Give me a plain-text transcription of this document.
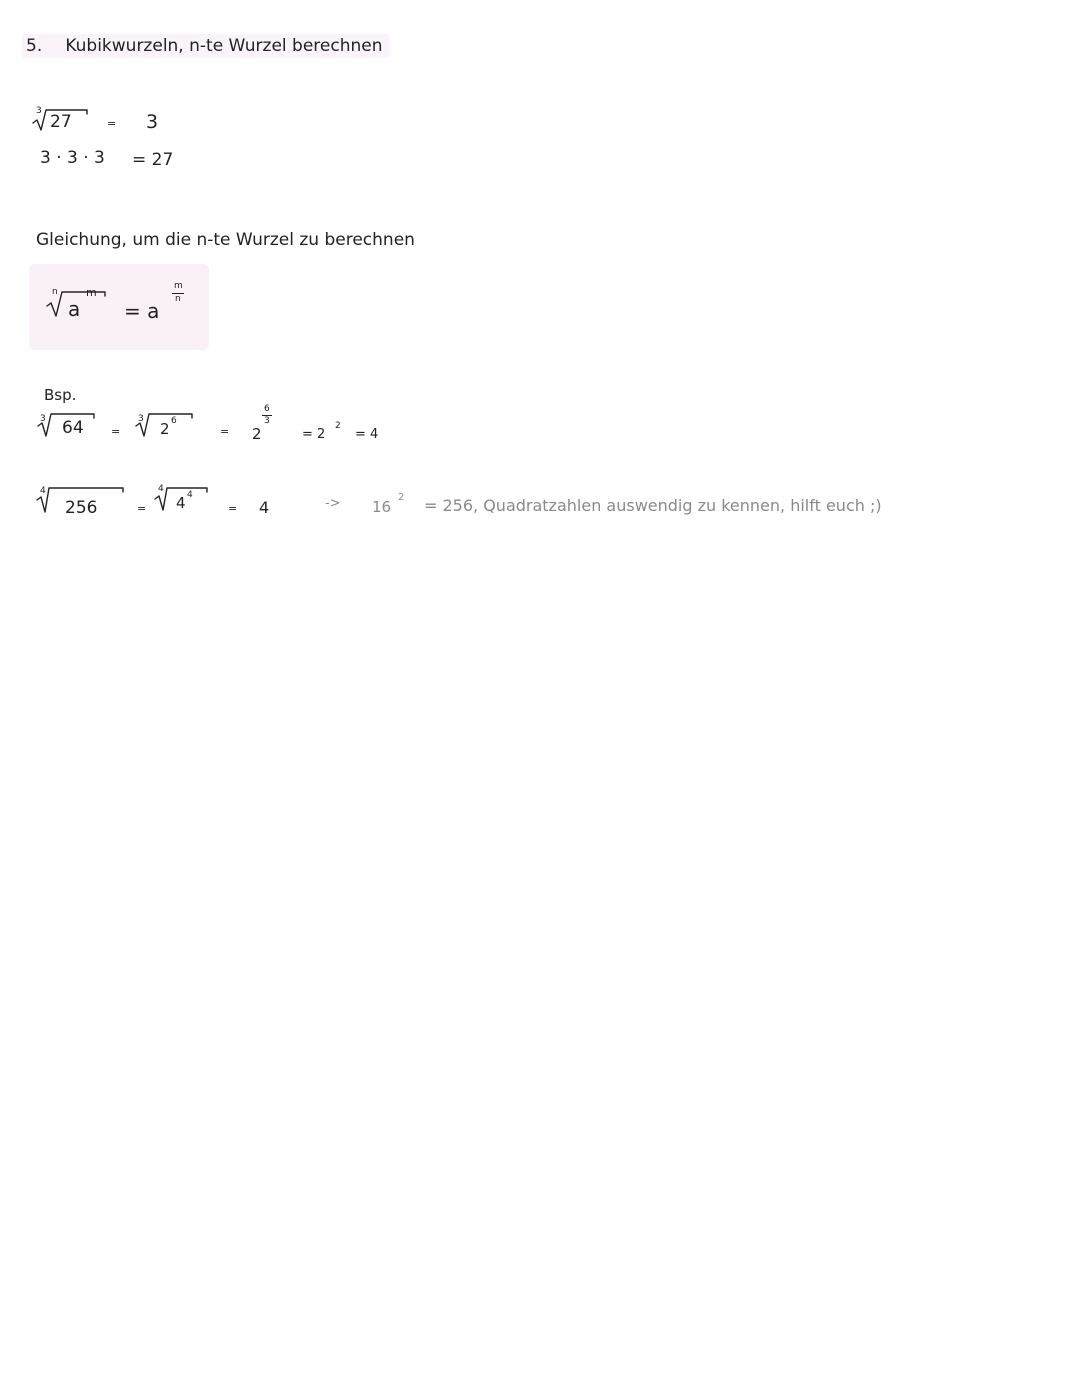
5. Kubikwurzeln, n-te Wurzel berechnen
3
27	= 3
3 · 3 · 3 = 27
Gleichung, um die n-te Wurzel zu berechnen
n
a
m
= a
m
n
Bsp.
3 64 =
3
2 6
= 2
6
3
= 2
2
= 4
4
256	=
4
4 4
= 4	-> 16
2 = 256, Quadratzahlen auswendig zu kennen, hilft euch ;)
